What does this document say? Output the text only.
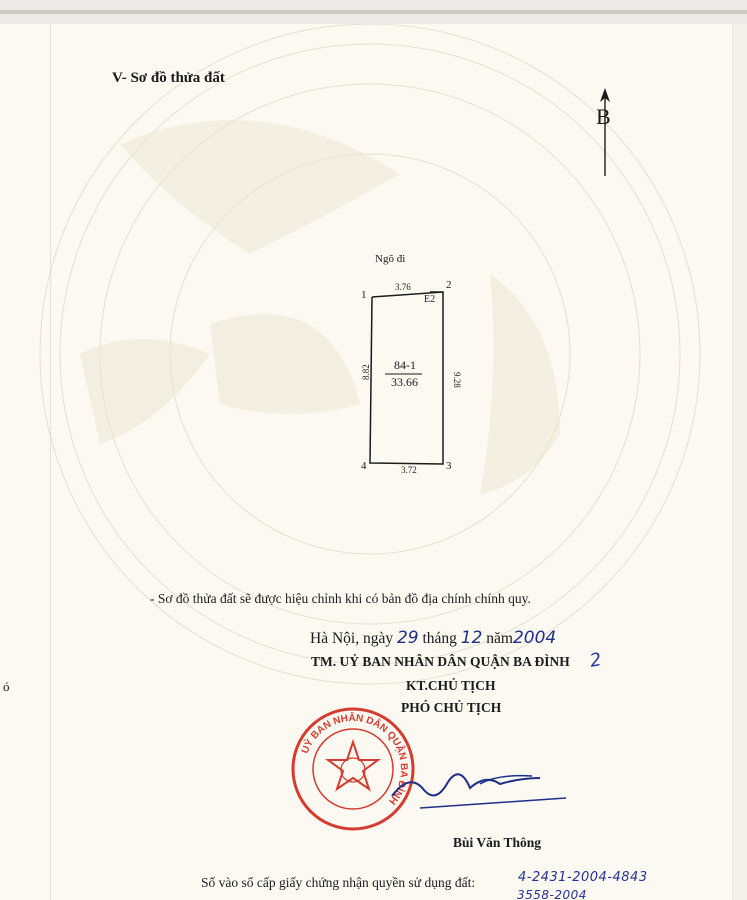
V- Sơ đồ thửa đất
B
Ngõ đi
1
2
3
4
3.76
3.72
8.82	9.28
E2
84-1
33.66
- Sơ đồ thửa đất sẽ được hiệu chỉnh khi có bản đồ địa chính chính quy.
Hà Nội, ngày 29 tháng 12 năm2004
TM. UỶ BAN NHÂN DÂN QUẬN BA ĐÌNH 2
KT.CHỦ TỊCH
PHÓ CHỦ TỊCH
UỶ BAN NHÂN DÂN QUẬN BA ĐÌNH
Bùi Văn Thông
ó
Số vào sổ cấp giấy chứng nhận quyền sử dụng đất:	4-2431-2004-4843
3558-2004
